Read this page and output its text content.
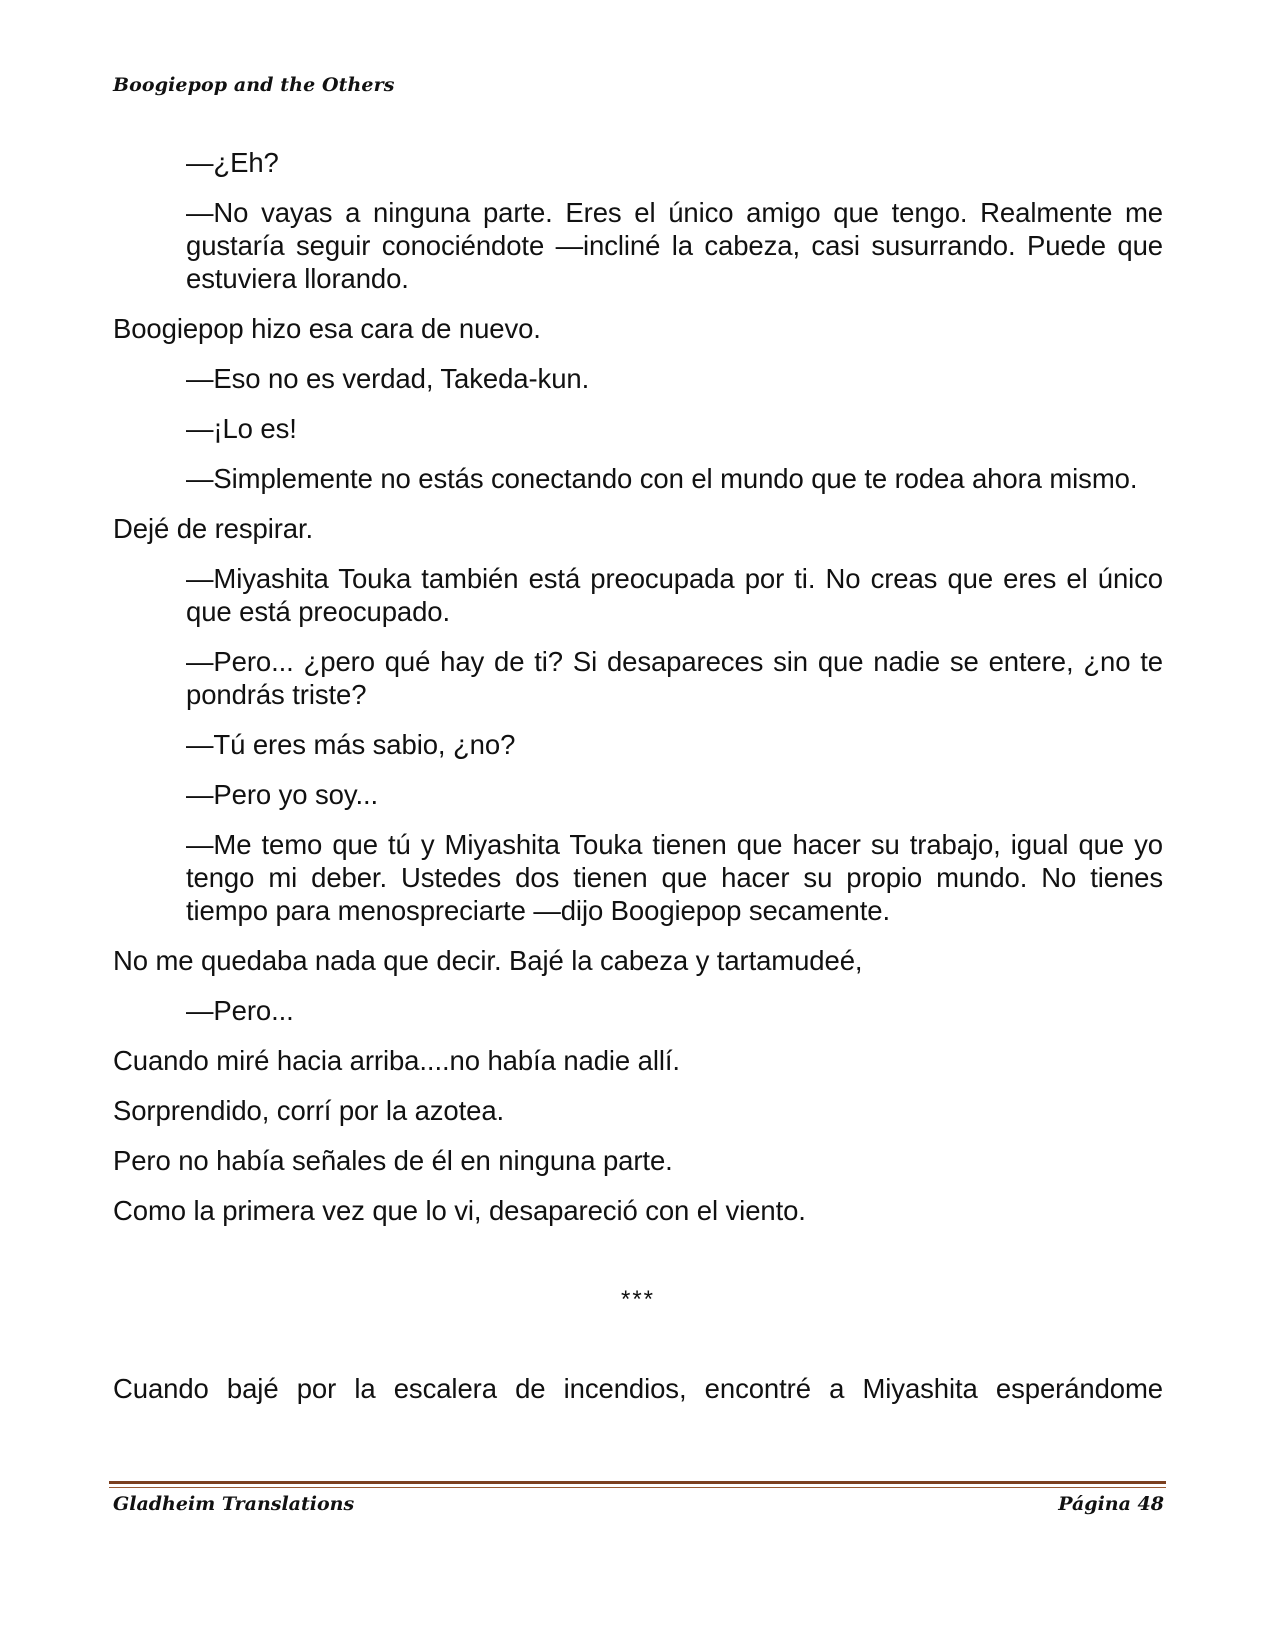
Boogiepop and the Others

—¿Eh?

—No vayas a ninguna parte. Eres el único amigo que tengo. Realmente me gustaría seguir conociéndote —incliné la cabeza, casi susurrando. Puede que estuviera llorando.

Boogiepop hizo esa cara de nuevo.

—Eso no es verdad, Takeda-kun.

—¡Lo es!

—Simplemente no estás conectando con el mundo que te rodea ahora mismo.

Dejé de respirar.

—Miyashita Touka también está preocupada por ti. No creas que eres el único que está preocupado.

—Pero... ¿pero qué hay de ti? Si desapareces sin que nadie se entere, ¿no te pondrás triste?

—Tú eres más sabio, ¿no?

—Pero yo soy...

—Me temo que tú y Miyashita Touka tienen que hacer su trabajo, igual que yo tengo mi deber. Ustedes dos tienen que hacer su propio mundo. No tienes tiempo para menospreciarte —dijo Boogiepop secamente.

No me quedaba nada que decir. Bajé la cabeza y tartamudeé,

—Pero...

Cuando miré hacia arriba....no había nadie allí.

Sorprendido, corrí por la azotea.

Pero no había señales de él en ninguna parte.

Como la primera vez que lo vi, desapareció con el viento.

***

Cuando bajé por la escalera de incendios, encontré a Miyashita esperándome

Gladheim Translations	Página 48
